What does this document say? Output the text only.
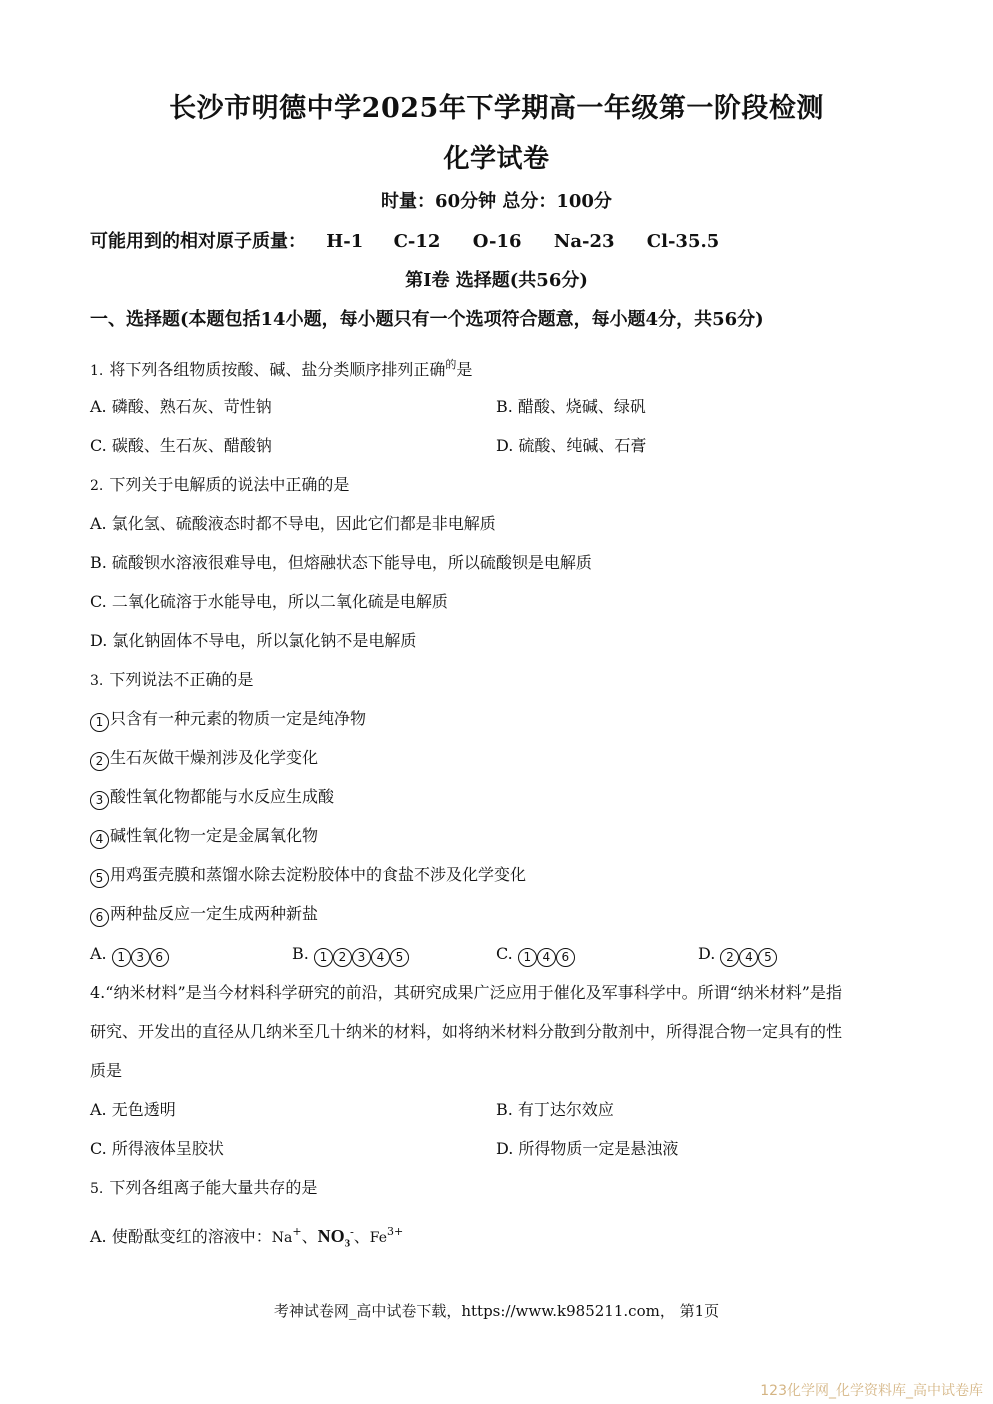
长沙市明德中学2025年下学期高一年级第一阶段检测
化学试卷
时量：60分钟 总分：100分
可能用到的相对原子质量： H-1 C-12 O-16 Na-23 Cl-35.5
第Ⅰ卷 选择题(共56分)
一、选择题(本题包括14小题，每小题只有一个选项符合题意，每小题4分，共56分)
1. 将下列各组物质按酸、碱、盐分类顺序排列正确$^的$是
A. 磷酸、熟石灰、苛性钠	B. 醋酸、烧碱、绿矾
C. 碳酸、生石灰、醋酸钠	D. 硫酸、纯碱、石膏
2. 下列关于电解质的说法中正确的是
A. 氯化氢、硫酸液态时都不导电，因此它们都是非电解质
B. 硫酸钡水溶液很难导电，但熔融状态下能导电，所以硫酸钡是电解质
C. 二氧化硫溶于水能导电，所以二氧化硫是电解质
D. 氯化钠固体不导电，所以氯化钠不是电解质
3. 下列说法不正确的是
1 只含有一种元素的物质一定是纯净物
2 生石灰做干燥剂涉及化学变化
3 酸性氧化物都能与水反应生成酸
4 碱性氧化物一定是金属氧化物
5 用鸡蛋壳膜和蒸馏水除去淀粉胶体中的食盐不涉及化学变化
6 两种盐反应一定生成两种新盐
A. 1 3 6	B. 1 2 3 4 5	C. 1 4 6	D. 2 4 5
4.“纳米材料”是当今材料科学研究的前沿，其研究成果广泛应用于催化及军事科学中。所谓“纳米材料”是指
研究、开发出的直径从几纳米至几十纳米的材料，如将纳米材料分散到分散剂中，所得混合物一定具有的性
质是
A. 无色透明	B. 有丁达尔效应
C. 所得液体呈胶状	D. 所得物质一定是悬浊液
5. 下列各组离子能大量共存的是
A. 使酚酞变红的溶液中：Na+、$NO_3^-$、$Fe^{3+}$
考神试卷网_高中试卷下载，https://www.k985211.com， 第1页
123化学网_化学资料库_高中试卷库
